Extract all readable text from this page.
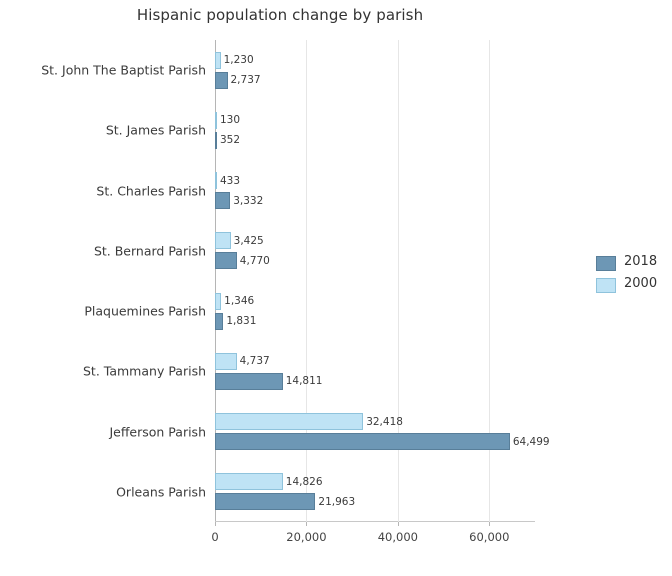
Hispanic population change by parish
St. John The Baptist Parish
1,230
2,737
St. James Parish
130
352
St. Charles Parish
433
3,332
St. Bernard Parish
3,425
4,770
Plaquemines Parish
1,346
1,831
St. Tammany Parish
4,737
14,811
Jefferson Parish
32,418
64,499
Orleans Parish
14,826
21,963
0	20,000	40,000	60,000
2018
2000
